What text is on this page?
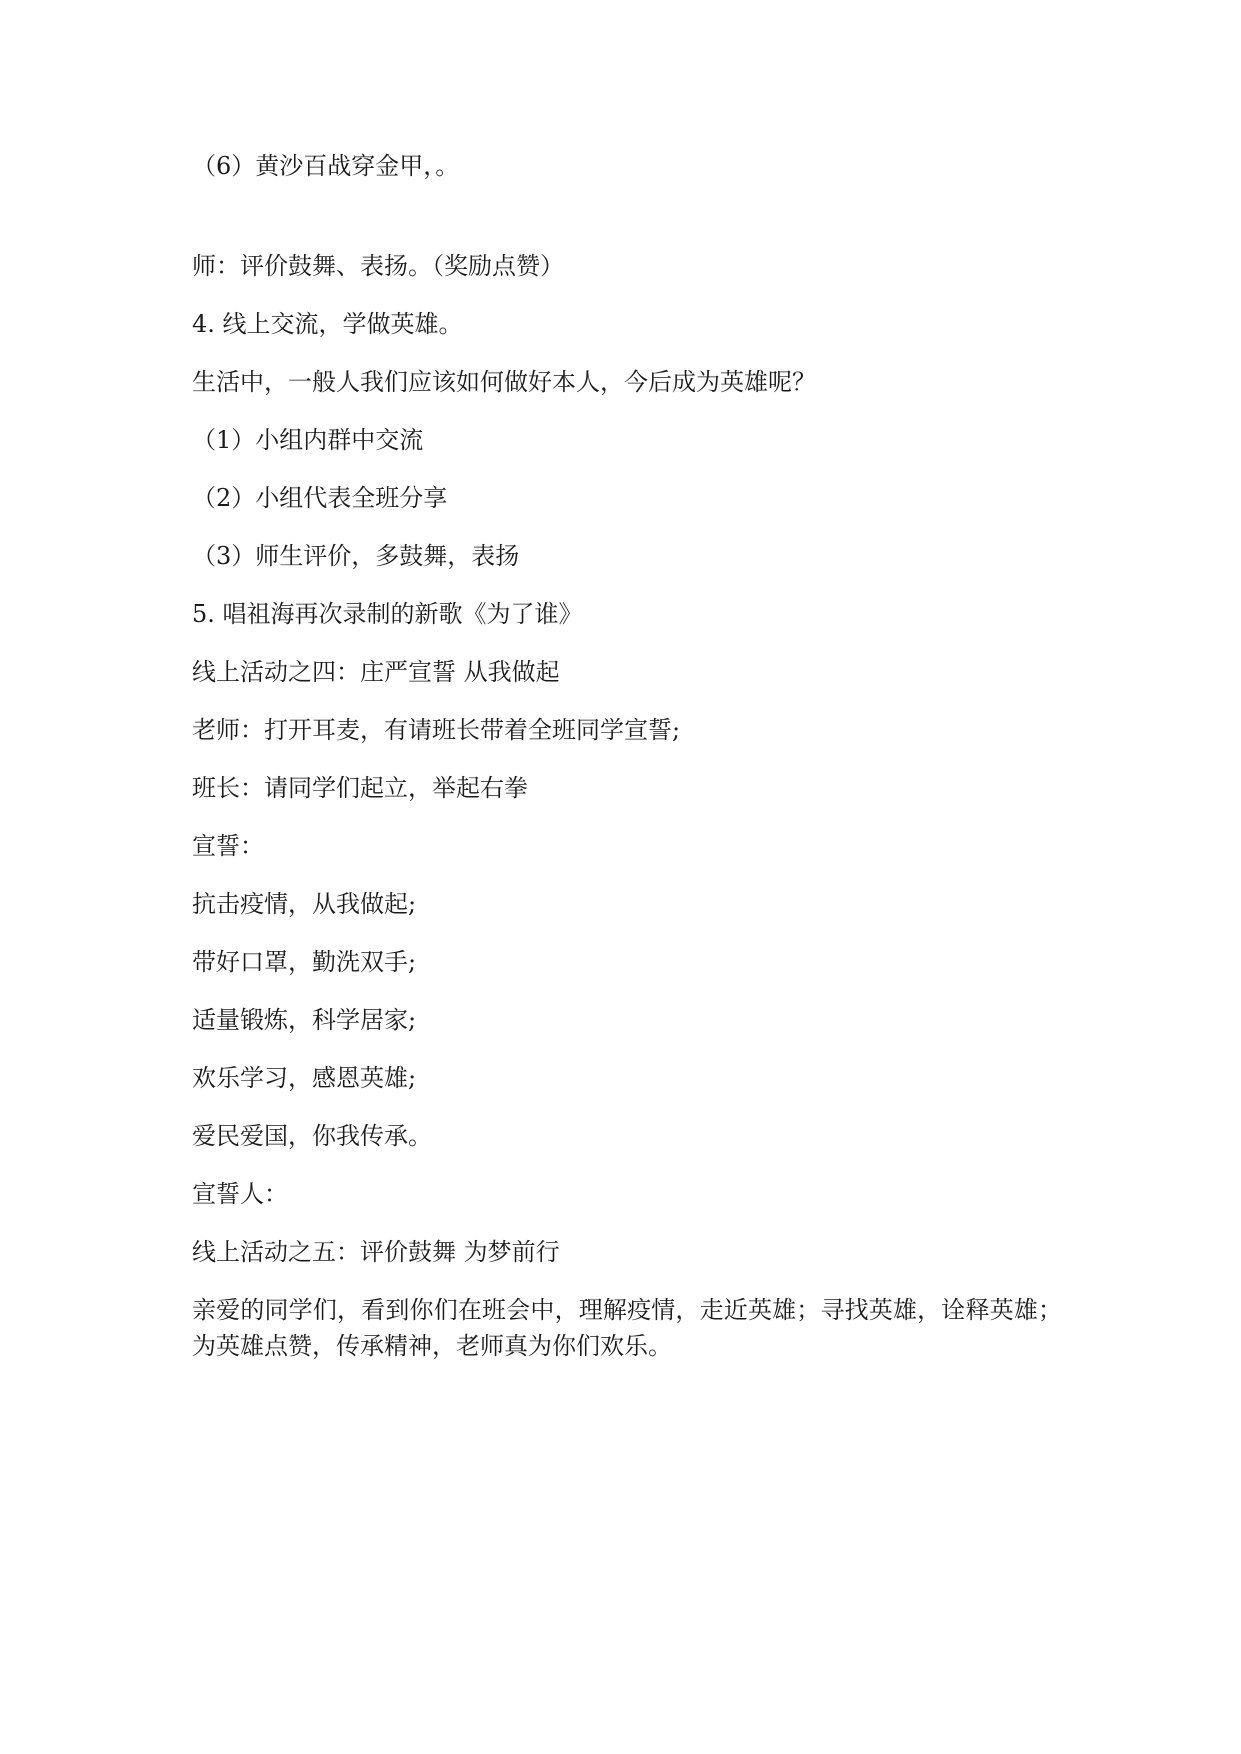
（6）黄沙百战穿金甲，。

师：评价鼓舞、表扬。（奖励点赞）

4. 线上交流，学做英雄。

生活中，一般人我们应该如何做好本人，今后成为英雄呢？

（1）小组内群中交流

（2）小组代表全班分享

（3）师生评价，多鼓舞，表扬

5. 唱祖海再次录制的新歌《为了谁》

线上活动之四：庄严宣誓 从我做起

老师：打开耳麦，有请班长带着全班同学宣誓;

班长：请同学们起立，举起右拳

宣誓：

抗击疫情，从我做起;

带好口罩，勤洗双手;

适量锻炼，科学居家;

欢乐学习，感恩英雄;

爱民爱国，你我传承。

宣誓人：

线上活动之五：评价鼓舞 为梦前行

亲爱的同学们，看到你们在班会中，理解疫情，走近英雄；寻找英雄，诠释英雄；为英雄点赞，传承精神，老师真为你们欢乐。
